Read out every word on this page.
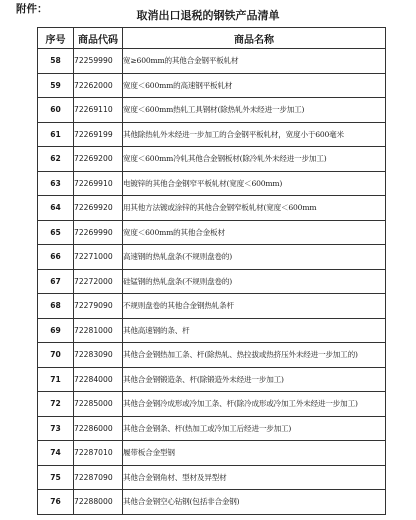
附件：	取消出口退税的钢铁产品清单
序号	商品代码	商品名称
58	72259990	宽≥600mm的其他合金钢平板轧材
59	72262000	宽度＜600mm的高速钢平板轧材
60	72269110	宽度＜600mm热轧工具钢材(除热轧外未经进一步加工)
61	72269199	其他除热轧外未经进一步加工的合金钢平板轧材，宽度小于600毫米
62	72269200	宽度＜600mm冷轧其他合金钢板材(除冷轧外未经进一步加工)
63	72269910	电镀锌的其他合金钢窄平板轧材(宽度＜600mm)
64	72269920	用其他方法镀或涂锌的其他合金钢窄板轧材(宽度＜600mm
65	72269990	宽度＜600mm的其他合金板材
66	72271000	高速钢的热轧盘条(不规则盘卷的)
67	72272000	硅锰钢的热轧盘条(不规则盘卷的)
68	72279090	不规则盘卷的其他合金钢热轧条杆
69	72281000	其他高速钢的条、杆
70	72283090	其他合金钢热加工条、杆(除热轧、热拉拔或热挤压外未经进一步加工的)
71	72284000	其他合金钢锻造条、杆(除锻造外未经进一步加工)
72	72285000	其他合金钢冷成形或冷加工条、杆(除冷成形或冷加工外未经进一步加工)
73	72286000	其他合金钢条、杆(热加工或冷加工后经进一步加工)
74	72287010	履带板合金型钢
75	72287090	其他合金钢角材、型材及异型材
76	72288000	其他合金钢空心钻钢(包括非合金钢)
